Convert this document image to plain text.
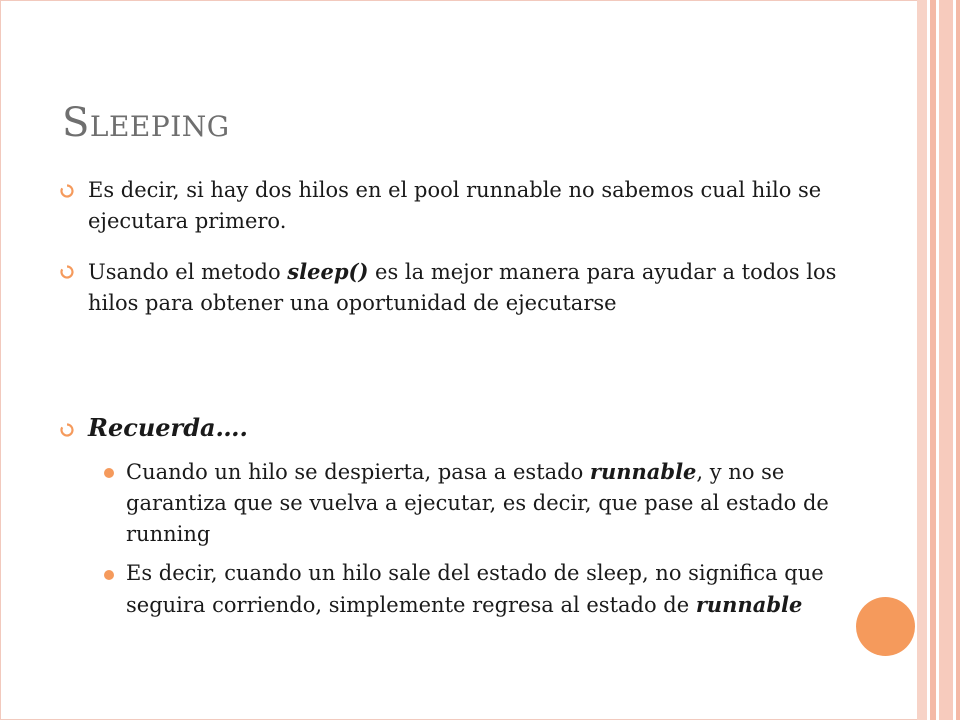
Sleeping
Es decir, si hay dos hilos en el pool runnable no sabemos cual hilo se ejecutara primero.
Usando el metodo sleep() es la mejor manera para ayudar a todos los hilos para obtener una oportunidad de ejecutarse
Recuerda….
Cuando un hilo se despierta, pasa a estado runnable, y no se garantiza que se vuelva a ejecutar, es decir, que pase al estado de running
Es decir, cuando un hilo sale del estado de sleep, no significa que seguira corriendo, simplemente regresa al estado de runnable
